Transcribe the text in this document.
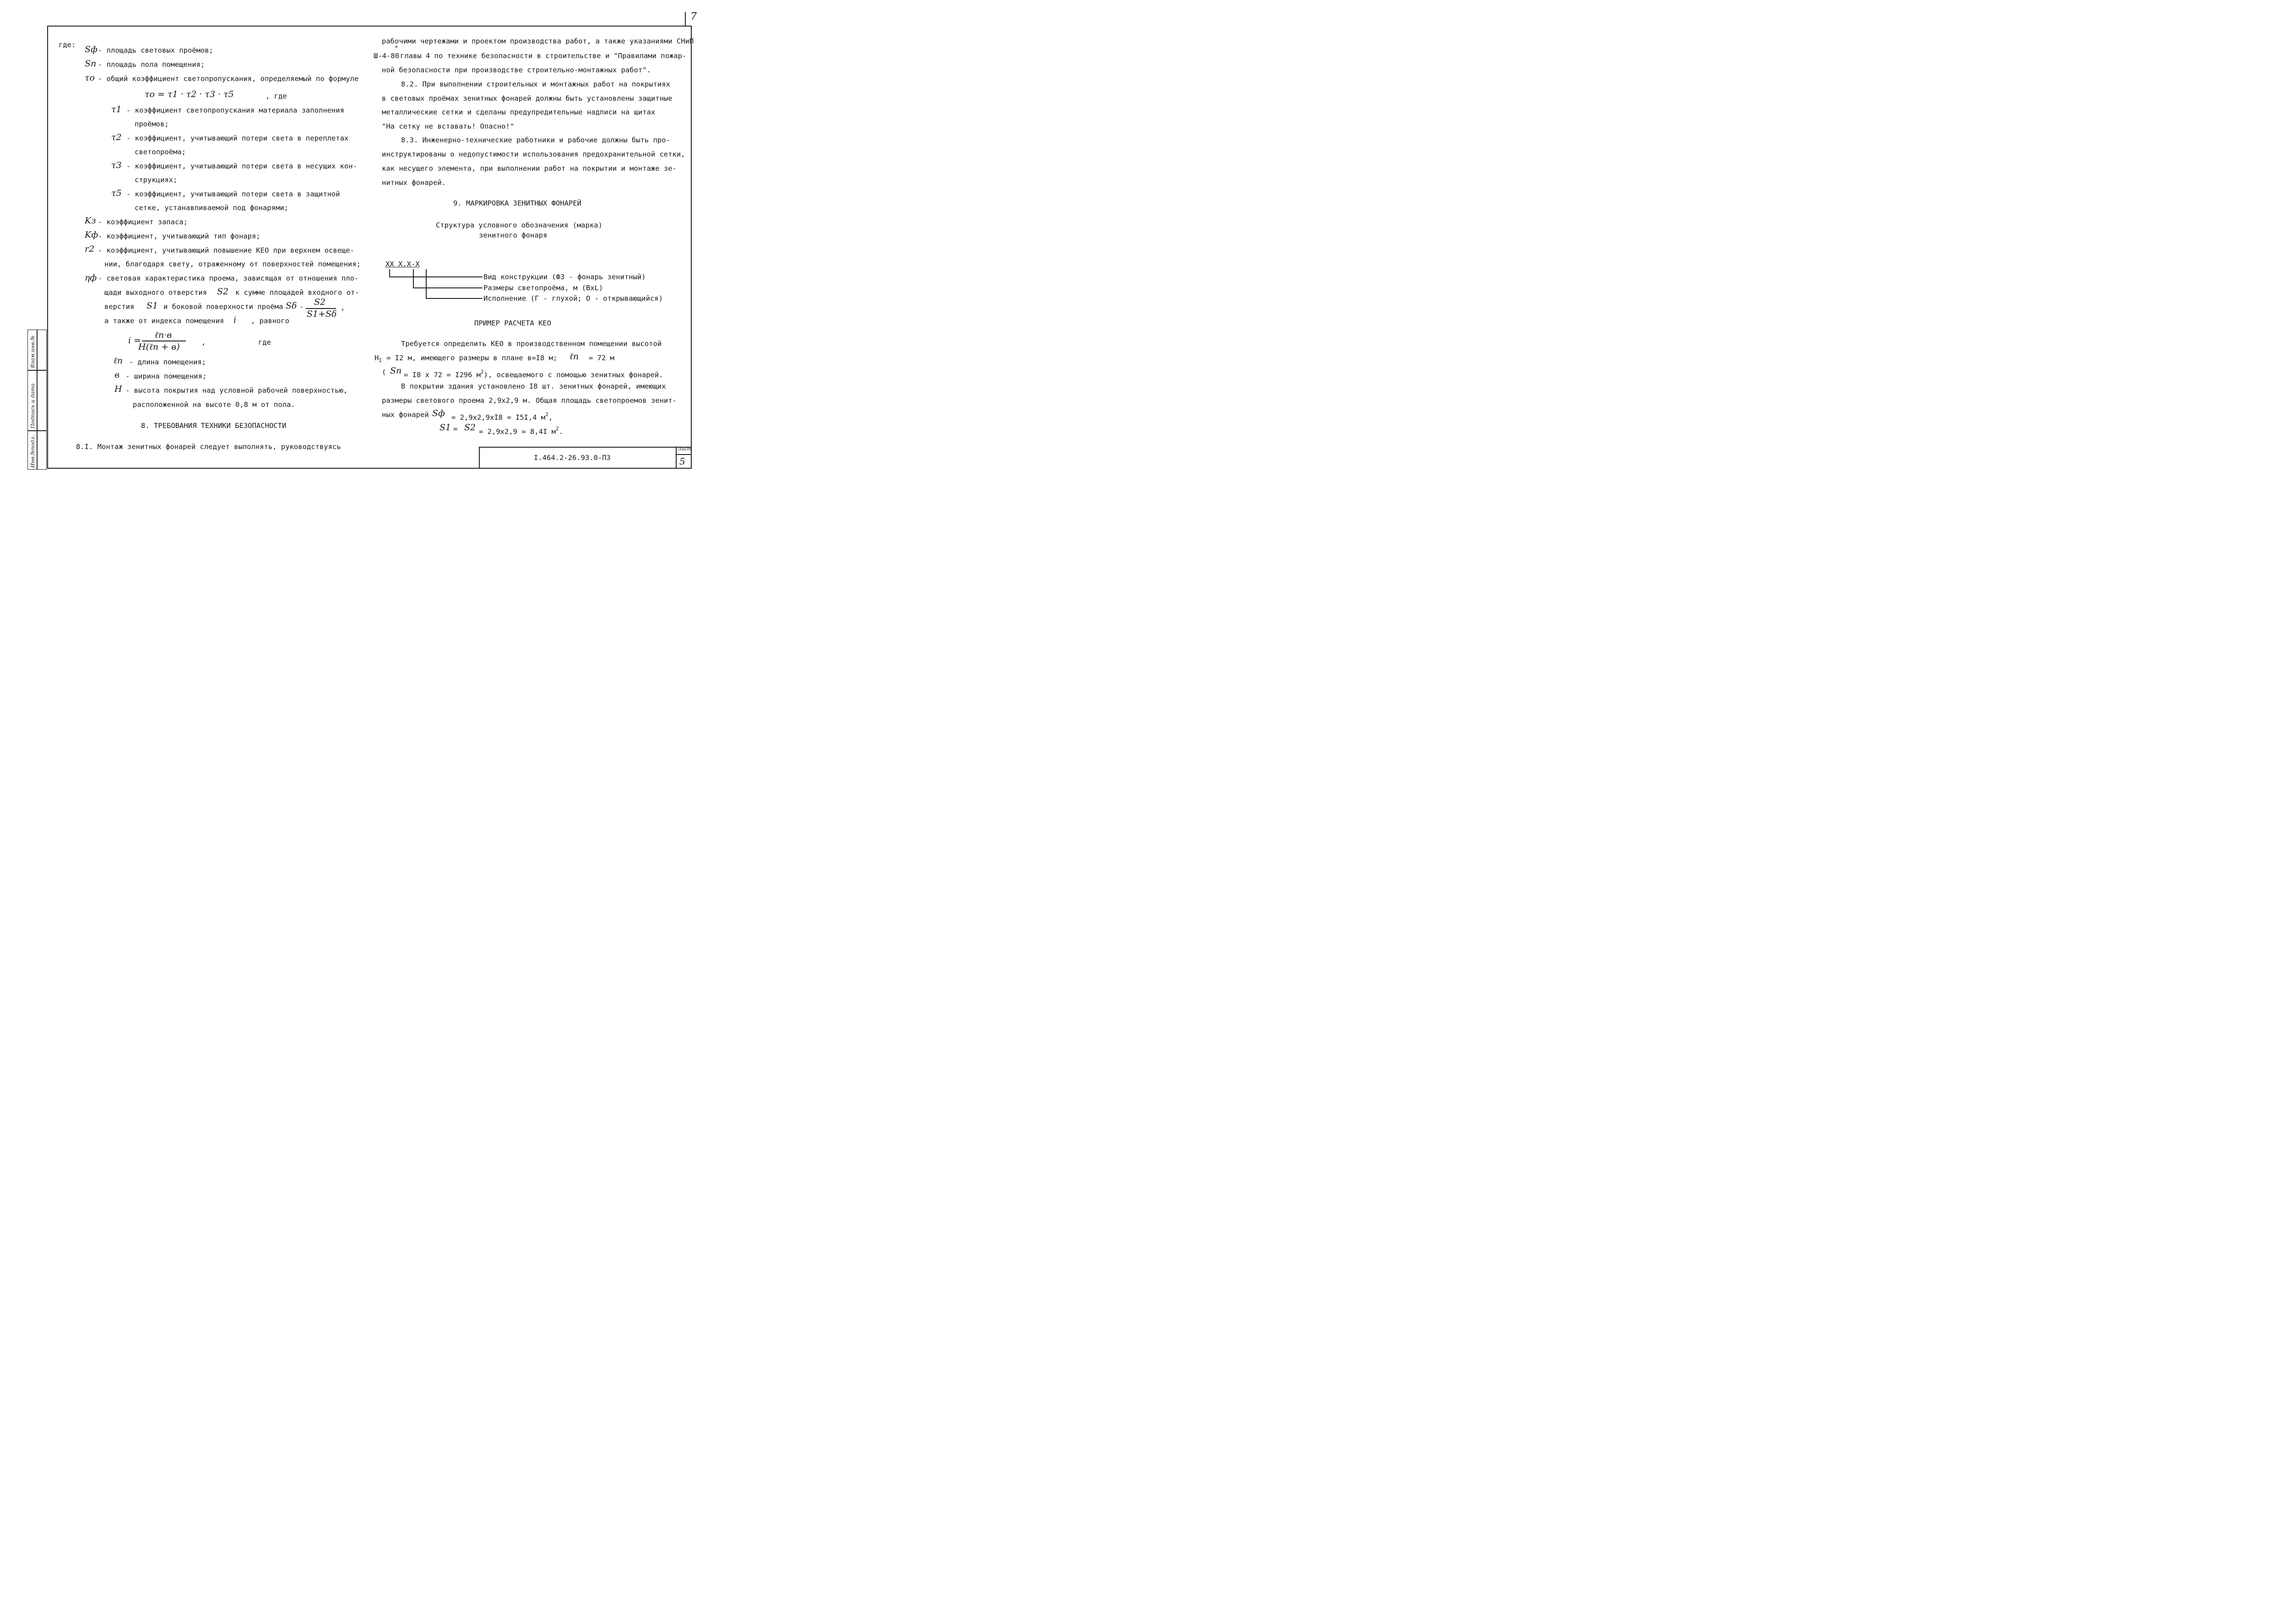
7
Инв.№подл.
Подпись и дата
Взам.инв.№
где: Sф - площадь световых проёмов;
Sп - площадь пола помещения;
τо - общий коэффициент светопропускания, определяемый по формуле
τo = τ1 · τ2 · τ3 · τ5	, где
τ1 - коэффициент светопропускания материала заполнения
проёмов;
τ2 - коэффициент, учитывающий потери света в переплетах
светопроёма;
τ3 - коэффициент, учитывающий потери света в несущих кон-
струкциях;
τ5 - коэффициент, учитывающий потери света в защитной
сетке, устанавливаемой под фонарями;
Kз - коэффициент запаса;
Kф - коэффициент, учитывающий тип фонаря;
r2 - коэффициент, учитывающий повышение КЕО при верхнем освеще-
нии, благодаря свету, отраженному от поверхностей помещения;
ηф - световая характеристика проема, зависящая от отношения пло-
щади выходного отверстия S2 к сумме площадей входного от-
верстия S1 и боковой поверхности проёма Sδ - S2
S1+Sδ
,
а также от индекса помещения i , равного
i =
ℓп·в
H(ℓп + в)	,	где
ℓп - длина помещения;
в - ширина помещения;
H - высота покрытия над условной рабочей поверхностью,
расположенной на высоте 0,8 м от пола.
8. ТРЕБОВАНИЯ ТЕХНИКИ БЕЗОПАСНОСТИ
8.I. Монтаж зенитных фонарей следует выполнять, руководствуясь
рабочими чертежами и проектом производства работ, а также указаниями СНиП
Ш-4-80
*
главы 4 по технике безопасности в строительстве и "Правилами пожар-
ной безопасности при производстве строительно-монтажных работ".
8.2. При выполнении строительных и монтажных работ на покрытиях
в световых проёмах зенитных фонарей должны быть установлены защитные
металлические сетки и сделаны предупредительные надписи на щитах
"На сетку не вставать! Опасно!"
8.3. Инженерно-технические работники и рабочие должны быть про-
инструктированы о недопустимости использования предохранительной сетки,
как несущего элемента, при выполнении работ на покрытии и монтаже зе-
нитных фонарей.
9. МАРКИРОВКА ЗЕНИТНЫХ ФОНАРЕЙ
Структура условного обозначения (марка)
зенитного фонаря
ХХ Х.Х-Х
Вид конструкции (ФЗ - фонарь зенитный)
Размеры светопроёма, м (ВхL)
Исполнение (Г - глухой; О - открывающийся)
ПРИМЕР РАСЧЕТА КЕО
Требуется определить КЕО в производственном помещении высотой
$H_I = I2$ м, имеющего размеры в плане в=I8 м; ℓп = 72 м
( Sп = I8 х 72 = I296 $м^2$), освещаемого с помощью зенитных фонарей.
В покрытии здания установлено I8 шт. зенитных фонарей, имеющих
размеры светового проема 2,9х2,9 м. Общая площадь светопроемов зенит-
ных фонарей Sф = 2,9х2,9хI8 = I5I,4 $м^2$,
S1 = S2 = 2,9х2,9 = 8,4I $м^2$.
I.464.2-26.93.0-ПЗ
Лист
5
